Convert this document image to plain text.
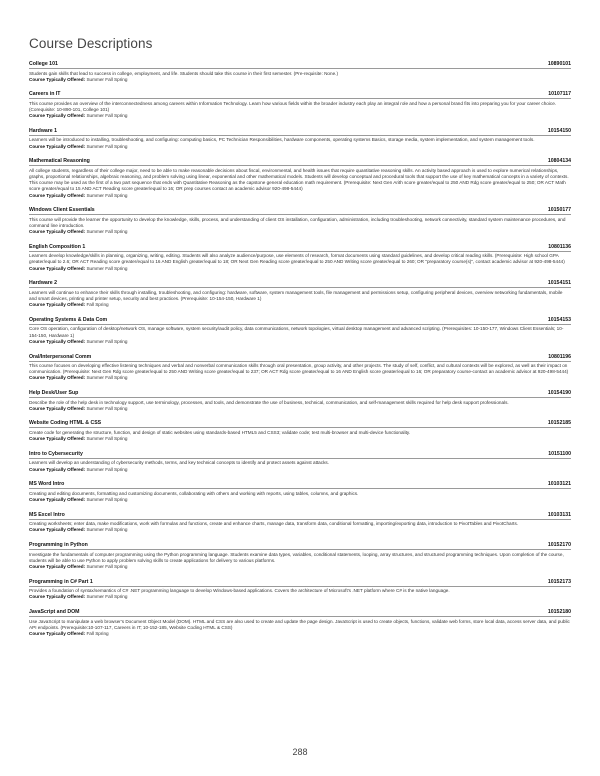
Course Descriptions
College 101	10890101
Students gain skills that lead to success in college, employment, and life. Students should take this course in their first semester. (Pre-requisite: None.)
Course Typically Offered: Summer Fall Spring
Careers in IT	10107117
This course provides an overview of the interconnectedness among careers within Information Technology. Learn how various fields within the broader industry each play an integral role and how a personal brand fits into preparing you for your career choice. (Corequisite: 10-890-101, College 101)
Course Typically Offered: Summer Fall Spring
Hardware 1	10154150
Learners will be introduced to installing, troubleshooting, and configuring: computing basics, PC Technician Responsibilities, hardware components, operating systems Basics, storage media, system implementation, and system management tools.
Course Typically Offered: Summer Fall Spring
Mathematical Reasoning	10804134
All college students, regardless of their college major, need to be able to make reasonable decisions about fiscal, environmental, and health issues that require quantitative reasoning skills. An activity based approach is used to explore numerical relationships, graphs, proportional relationships, algebraic reasoning, and problem solving using linear, exponential and other mathematical models. Students will develop conceptual and procedural tools that support the use of key mathematical concepts in a variety of contexts. This course may be used as the first of a two part sequence that ends with Quantitative Reasoning as the capstone general education math requirement. (Prerequisite: Next Gen Arith score greater/equal to 250 AND Rdg score greater/equal to 250; OR ACT Math score greater/equal to 15 AND ACT Reading score greater/equal to 16; OR prep courses contact an academic advisor 920-498-5444)
Course Typically Offered: Summer Fall Spring
Windows Client Essentials	10150177
This course will provide the learner the opportunity to develop the knowledge, skills, process, and understanding of client OS installation, configuration, administration, including troubleshooting, network connectivity, standard system maintenance procedures, and command line introduction.
Course Typically Offered: Summer Fall Spring
English Composition 1	10801136
Learners develop knowledge/skills in planning, organizing, writing, editing. Students will also analyze audience/purpose, use elements of research, format documents using standard guidelines, and develop critical reading skills. (Prerequisite: High school GPA greater/equal to 2.6; OR ACT Reading score greater/equal to 16 AND English greater/equal to 18; OR Next Gen Reading score greater/equal to 250 AND Writing score greater/equal to 260; OR "preparatory course(s)", contact academic advisor at 920-498-5444)
Course Typically Offered: Summer Fall Spring
Hardware 2	10154151
Learners will continue to enhance their skills through installing, troubleshooting, and configuring: hardware, software, system management tools, file management and permissions setup, configuring peripheral devices, overview networking fundamentals, mobile and smart devices, printing and printer setup, security and best practices. (Prerequisite: 10-154-150, Hardware 1)
Course Typically Offered: Fall Spring
Operating Systems & Data Com	10154153
Core OS operation, configuration of desktop/network OS, manage software, system security/audit policy, data communications, network topologies, virtual desktop management and advanced scripting. (Prerequisites: 10-150-177, Windows Client Essentials; 10-154-150, Hardware 1)
Course Typically Offered: Summer Fall Spring
Oral/Interpersonal Comm	10801196
This course focuses on developing effective listening techniques and verbal and nonverbal communication skills through oral presentation, group activity, and other projects. The study of self, conflict, and cultural contexts will be explored, as well as their impact on communication. (Prerequisite: Next Gen Rdg score greater/equal to 250 AND Writing score greater/equal to 237; OR ACT Rdg score greater/equal to 16 AND English score greater/equal to 16; OR preparatory course-contact an academic advisor at 920-498-5444)
Course Typically Offered: Summer Fall Spring
Help Desk/User Sup	10154190
Describe the role of the help desk in technology support, use terminology, processes, and tools, and demonstrate the use of business, technical, communication, and self-management skills required for help desk support professionals.
Course Typically Offered: Summer Fall Spring
Website Coding HTML & CSS	10152185
Create code for generating the structure, function, and design of static websites using standards-based HTML5 and CSS3; validate code; test multi-browser and multi-device functionality.
Course Typically Offered: Summer Fall Spring
Intro to Cybersecurity	10151100
Learners will develop an understanding of cybersecurity methods, terms, and key technical concepts to identify and protect assets against attacks.
Course Typically Offered: Summer Fall Spring
MS Word Intro	10103121
Creating and editing documents, formatting and customizing documents, collaborating with others and working with reports, using tables, columns, and graphics.
Course Typically Offered: Summer Fall Spring
MS Excel Intro	10103131
Creating worksheets; enter data, make modifications, work with formulas and functions, create and enhance charts, manage data, transform data, conditional formatting, importing/exporting data, introduction to PivotTables and PivotCharts.
Course Typically Offered: Summer Fall Spring
Programming in Python	10152170
Investigate the fundamentals of computer programming using the Python programming language. Students examine data types, variables, conditional statements, looping, array structures, and structured programming techniques. Upon completion of the course, students will be able to use Python to apply problem solving skills to create applications for delivery to various platforms.
Course Typically Offered: Summer Fall Spring
Programming in C# Part 1	10152173
Provides a foundation of syntax/semantics of C# .NET programming language to develop Windows-based applications. Covers the architecture of Microsoft's .NET platform where C# is the native language.
Course Typically Offered: Summer Fall Spring
JavaScript and DOM	10152180
Use JavaScript to manipulate a web browser's Document Object Model (DOM). HTML and CSS are also used to create and update the page design. JavaScript is used to create objects, functions, validate web forms, store local data, access server data, and public API endpoints. (Prerequisite:10-107-117, Careers in IT; 10-152-185, Website Coding HTML & CSS)
Course Typically Offered: Fall Spring
288
